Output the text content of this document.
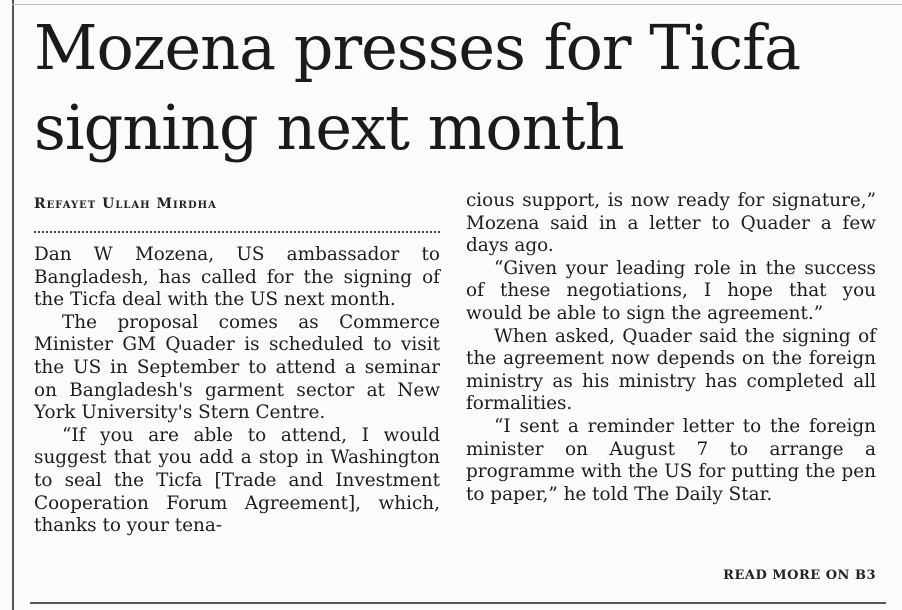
Mozena presses for Ticfa
signing next month
Refayet Ullah Mirdha

Dan W Mozena, US ambassador to Bangladesh, has called for the signing of the Ticfa deal with the US next month.

The proposal comes as Commerce Minister GM Quader is scheduled to visit the US in September to attend a seminar on Bangladesh's garment sector at New York University's Stern Centre.

“If you are able to attend, I would suggest that you add a stop in Washington to seal the Ticfa [Trade and Investment Cooperation Forum Agreement], which, thanks to your tena-

cious support, is now ready for signature,” Mozena said in a letter to Quader a few days ago.

“Given your leading role in the success of these negotiations, I hope that you would be able to sign the agreement.”

When asked, Quader said the signing of the agreement now depends on the foreign ministry as his ministry has completed all formalities.

“I sent a reminder letter to the foreign minister on August 7 to arrange a programme with the US for putting the pen to paper,” he told The Daily Star.

READ MORE ON B3
